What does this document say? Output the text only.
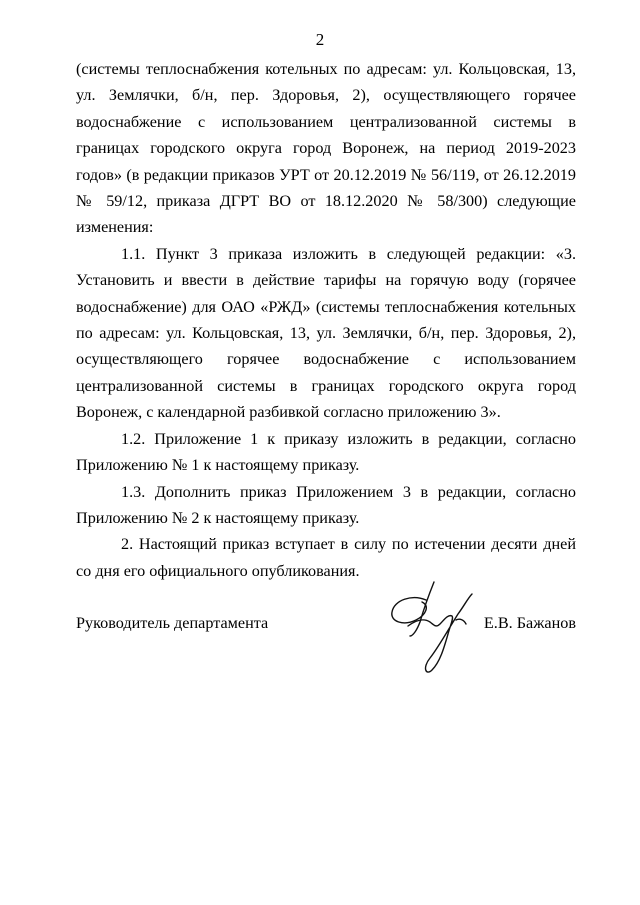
2

(системы теплоснабжения котельных по адресам: ул. Кольцовская, 13, ул. Землячки, б/н, пер. Здоровья, 2), осуществляющего горячее водоснабжение с использованием централизованной системы в границах городского округа город Воронеж, на период 2019-2023 годов» (в редакции приказов УРТ от 20.12.2019 № 56/119, от 26.12.2019 № 59/12, приказа ДГРТ ВО от 18.12.2020 № 58/300) следующие изменения:

1.1. Пункт 3 приказа изложить в следующей редакции: «3. Установить и ввести в действие тарифы на горячую воду (горячее водоснабжение) для ОАО «РЖД» (системы теплоснабжения котельных по адресам: ул. Кольцовская, 13, ул. Землячки, б/н, пер. Здоровья, 2), осуществляющего горячее водоснабжение с использованием централизованной системы в границах городского округа город Воронеж, с календарной разбивкой согласно приложению 3».

1.2. Приложение 1 к приказу изложить в редакции, согласно Приложению № 1 к настоящему приказу.

1.3. Дополнить приказ Приложением 3 в редакции, согласно Приложению № 2 к настоящему приказу.

2. Настоящий приказ вступает в силу по истечении десяти дней со дня его официального опубликования.

Руководитель департамента	Е.В. Бажанов
